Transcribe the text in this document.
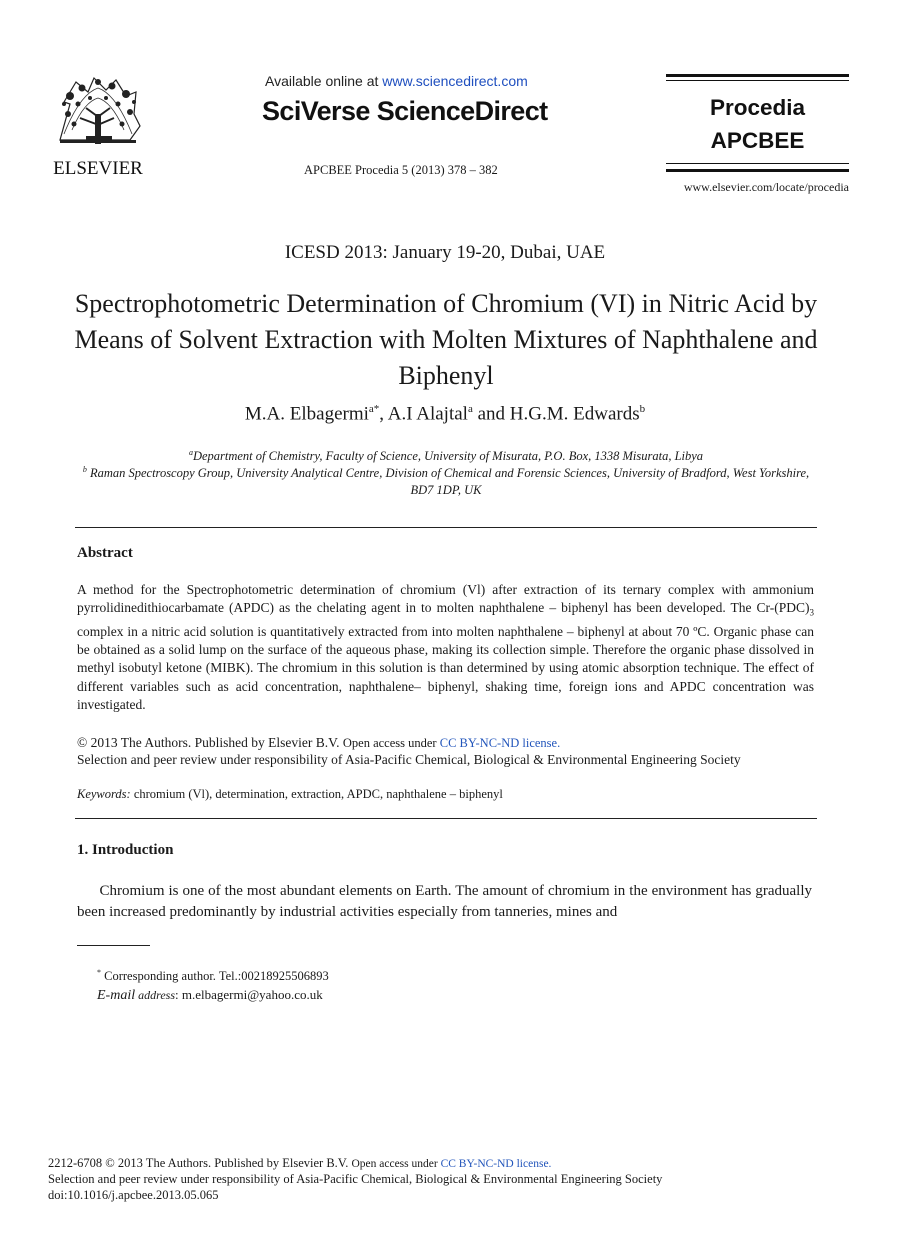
ELSEVIER
Available online at www.sciencedirect.com
SciVerse ScienceDirect
APCBEE Procedia 5 (2013) 378 – 382
Procedia
APCBEE
www.elsevier.com/locate/procedia
ICESD 2013: January 19-20, Dubai, UAE
Spectrophotometric Determination of Chromium (VI) in Nitric Acid by Means of Solvent Extraction with Molten Mixtures of Naphthalene and Biphenyl
M.A. Elbagermi$^{a*}$, A.I Alajtal$^a$ and H.G.M. Edwards$^b$
$^a$Department of Chemistry, Faculty of Science, University of Misurata, P.O. Box, 1338 Misurata, Libya
$^b$ Raman Spectroscopy Group, University Analytical Centre, Division of Chemical and Forensic Sciences, University of Bradford, West Yorkshire, BD7 1DP, UK
Abstract
A method for the Spectrophotometric determination of chromium (Vl) after extraction of its ternary complex with ammonium pyrrolidinedithiocarbamate (APDC) as the chelating agent in to molten naphthalene – biphenyl has been developed. The $Cr-(PDC)_3$ complex in a nitric acid solution is quantitatively extracted from into molten naphthalene – biphenyl at about 70 ºC. Organic phase can be obtained as a solid lump on the surface of the aqueous phase, making its collection simple. Therefore the organic phase dissolved in methyl isobutyl ketone (MIBK). The chromium in this solution is than determined by using atomic absorption technique. The effect of different variables such as acid concentration, naphthalene– biphenyl, shaking time, foreign ions and APDC concentration was investigated.
© 2013 The Authors. Published by Elsevier B.V. Open access under CC BY-NC-ND license.
Selection and peer review under responsibility of Asia-Pacific Chemical, Biological & Environmental Engineering Society
Keywords: chromium (Vl), determination, extraction, APDC, naphthalene – biphenyl
1. Introduction
  Chromium is one of the most abundant elements on Earth. The amount of chromium in the environment has gradually been increased predominantly by industrial activities especially from tanneries, mines and
* Corresponding author. Tel.:00218925506893
E-mail address: m.elbagermi@yahoo.co.uk
2212-6708 © 2013 The Authors. Published by Elsevier B.V. Open access under CC BY-NC-ND license.
Selection and peer review under responsibility of Asia-Pacific Chemical, Biological & Environmental Engineering Society
doi:10.1016/j.apcbee.2013.05.065
